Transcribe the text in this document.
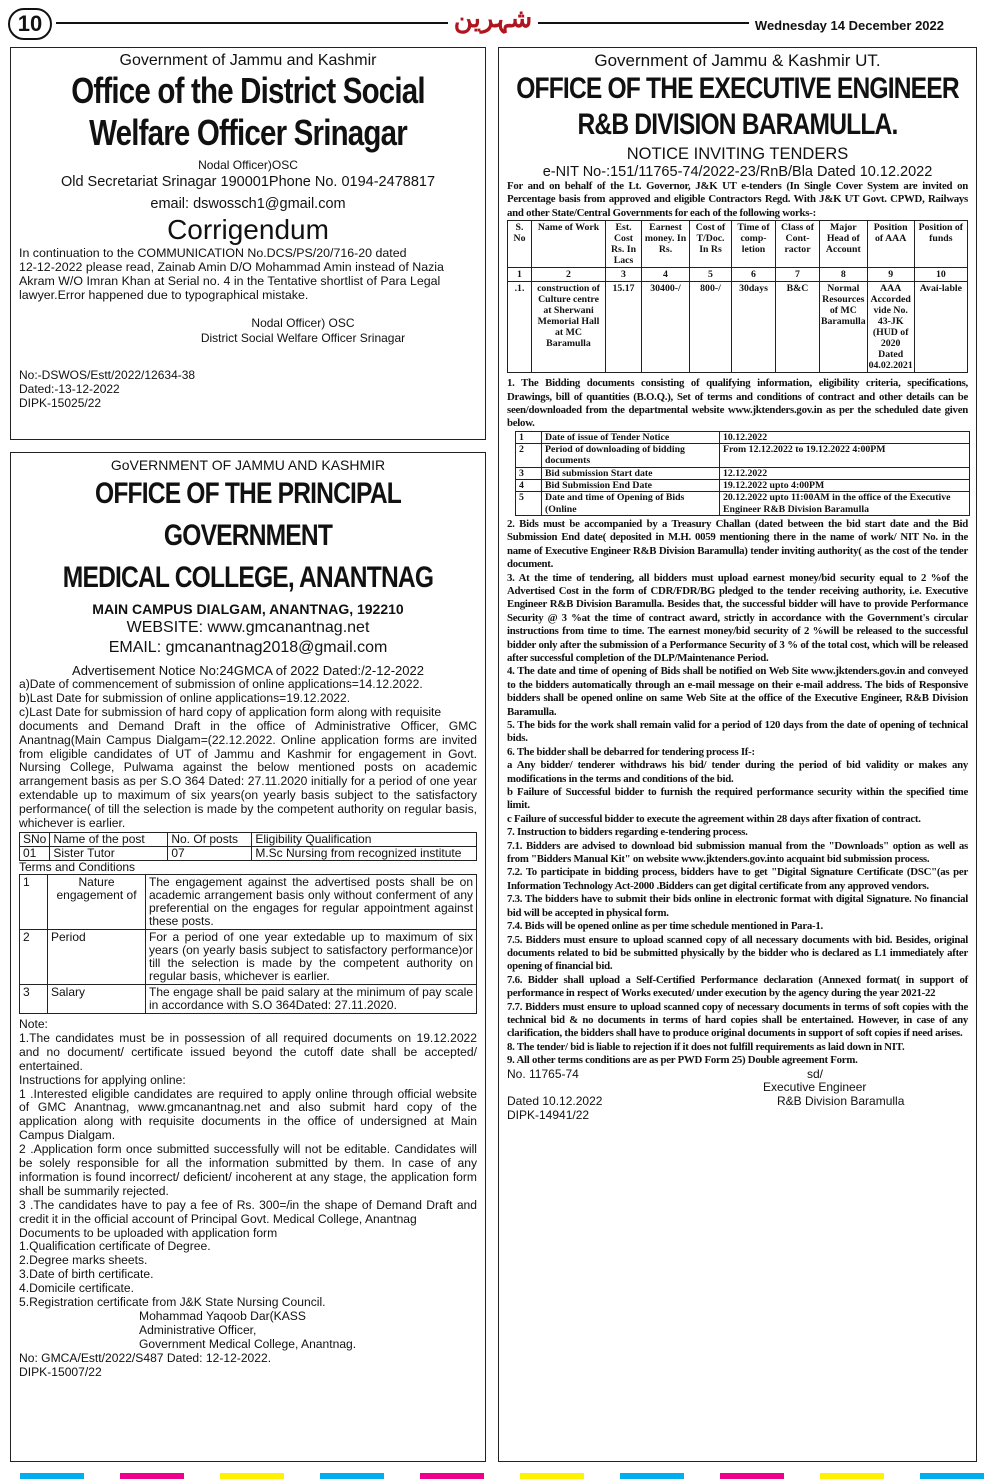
10	شہرین	Wednesday 14 December 2022
Government of Jammu and Kashmir
Office of the District Social
Welfare Officer Srinagar
Nodal Officer)OSC
Old Secretariat Srinagar 190001Phone No. 0194-2478817
email: dswossch1@gmail.com
Corrigendum
In continuation to the COMMUNICATION No.DCS/PS/20/716-20 dated
12-12-2022 please read, Zainab Amin D/O Mohammad Amin instead of Nazia
Akram W/O Imran Khan at Serial no. 4 in the Tentative shortlist of Para Legal
lawyer.Error happened due to typographical mistake.
Nodal Officer) OSC
District Social Welfare Officer Srinagar
No:-DSWOS/Estt/2022/12634-38
Dated:-13-12-2022
DIPK-15025/22
GoVERNMENT OF JAMMU AND KASHMIR
OFFICE OF THE PRINCIPAL GOVERNMENT
MEDICAL COLLEGE, ANANTNAG
MAIN CAMPUS DIALGAM, ANANTNAG, 192210
WEBSITE: www.gmcanantnag.net
EMAIL: gmcanantnag2018@gmail.com
Advertisement Notice No:24GMCA of 2022 Dated:/2-12-2022
a)Date of commencement of submission of online applications=14.12.2022.
b)Last Date for submission of online applications=19.12.2022.
c)Last Date for submission of hard copy of application form along with requisite
documents and Demand Draft in the office of Administrative Officer, GMC Anantnag(Main Campus Dialgam=(22.12.2022. Online application forms are invited from eligible candidates of UT of Jammu and Kashmir for engagement in Govt. Nursing College, Pulwama against the below mentioned posts on academic arrangement basis as per S.O 364 Dated: 27.11.2020 initially for a period of one year extendable up to maximum of six years(on yearly basis subject to the satisfactory performance( of till the selection is made by the competent authority on regular basis, whichever is earlier.
SNo	Name of the post	No. Of posts	Eligibility Qualification
01	Sister Tutor	07	M.Sc Nursing from recognized institute
Terms and Conditions
1	Nature engagement of	The engagement against the advertised posts shall be on academic arrangement basis only without conferment of any preferential on the engages for regular appointment against these posts.
2	Period	For a period of one year extedable up to maximum of six years (on yearly basis subject to satisfactory performance)or till the selection is made by the competent authority on regular basis, whichever is earlier.
3	Salary	The engage shall be paid salary at the minimum of pay scale in accordance with S.O 364Dated: 27.11.2020.
Note:
1.The candidates must be in possession of all required documents on 19.12.2022 and no document/ certificate issued beyond the cutoff date shall be accepted/ entertained.
Instructions for applying online:
1 .Interested eligible candidates are required to apply online through official website of GMC Anantnag, www.gmcanantnag.net and also submit hard copy of the application along with requisite documents in the office of undersigned at Main Campus Dialgam.
2 .Application form once submitted successfully will not be editable. Candidates will be solely responsible for all the information submitted by them. In case of any information is found incorrect/ deficient/ incoherent at any stage, the application form shall be summarily rejected.
3 .The candidates have to pay a fee of Rs. 300=/in the shape of Demand Draft and credit it in the official account of Principal Govt. Medical College, Anantnag
Documents to be uploaded with application form
1.Qualification certificate of Degree.
2.Degree marks sheets.
3.Date of birth certificate.
4.Domicile certificate.
5.Registration certificate from J&K State Nursing Council.
Mohammad Yaqoob Dar(KASS
Administrative Officer,
Government Medical College, Anantnag.
No: GMCA/Estt/2022/S487 Dated: 12-12-2022.
DIPK-15007/22
Government of Jammu & Kashmir UT.
OFFICE OF THE EXECUTIVE ENGINEER
R&B DIVISION BARAMULLA.
NOTICE INVITING TENDERS
e-NIT No-:151/11765-74/2022-23/RnB/Bla Dated 10.12.2022
For and on behalf of the Lt. Governor, J&K UT e-tenders (In Single Cover System are invited on Percentage basis from approved and eligible Contractors Regd. With J&K UT Govt. CPWD, Railways and other State/Central Governments for each of the following works-:
S. No	Name of Work	Est. Cost Rs. In Lacs	Earnest money. In Rs.	Cost of T/Doc. In Rs	Time of comp-letion	Class of Cont-ractor	Major Head of Account	Position of AAA	Position of funds
1	2	3	4	5	6	7	8	9	10
.1.	construction of Culture centre at Sherwani Memorial Hall at MC Baramulla	15.17	30400-/	800-/	30days	B&C	Normal Resources of MC Baramulla	AAA Accorded vide No. 43-JK (HUD of 2020 Dated 04.02.2021	Avai-lable
1. The Bidding documents consisting of qualifying information, eligibility criteria, specifications, Drawings, bill of quantities (B.O.Q.), Set of terms and conditions of contract and other details can be seen/downloaded from the departmental website www.jktenders.gov.in as per the scheduled date given below.
1	Date of issue of Tender Notice	10.12.2022
2	Period of downloading of bidding documents	From 12.12.2022 to 19.12.2022 4:00PM
3	Bid submission Start date	12.12.2022
4	Bid Submission End Date	19.12.2022 upto 4:00PM
5	Date and time of Opening of Bids (Online	20.12.2022 upto 11:00AM in the office of the Executive Engineer R&B Division Baramulla
2. Bids must be accompanied by a Treasury Challan (dated between the bid start date and the Bid Submission End date( deposited in M.H. 0059 mentioning there in the name of work/ NIT No. in the name of Executive Engineer R&B Division Baramulla) tender inviting authority( as the cost of the tender document.
3. At the time of tendering, all bidders must upload earnest money/bid security equal to 2 %of the Advertised Cost in the form of CDR/FDR/BG pledged to the tender receiving authority, i.e. Executive Engineer R&B Division Baramulla. Besides that, the successful bidder will have to provide Performance Security @ 3 %at the time of contract award, strictly in accordance with the Government's circular instructions from time to time. The earnest money/bid security of 2 %will be released to the successful bidder only after the submission of a Performance Security of 3 % of the total cost, which will be released after successful completion of the DLP/Maintenance Period.
4. The date and time of opening of Bids shall be notified on Web Site www.jktenders.gov.in and conveyed to the bidders automatically through an e-mail message on their e-mail address. The bids of Responsive bidders shall be opened online on same Web Site at the office of the Executive Engineer, R&B Division Baramulla.
5. The bids for the work shall remain valid for a period of 120 days from the date of opening of technical bids.
6. The bidder shall be debarred for tendering process If-:
a Any bidder/ tenderer withdraws his bid/ tender during the period of bid validity or makes any modifications in the terms and conditions of the bid.
b Failure of Successful bidder to furnish the required performance security within the specified time limit.
c Failure of successful bidder to execute the agreement within 28 days after fixation of contract.
7. Instruction to bidders regarding e-tendering process.
7.1. Bidders are advised to download bid submission manual from the "Downloads" option as well as from "Bidders Manual Kit" on website www.jktenders.gov.into acquaint bid submission process.
7.2. To participate in bidding process, bidders have to get "Digital Signature Certificate (DSC"(as per Information Technology Act-2000 .Bidders can get digital certificate from any approved vendors.
7.3. The bidders have to submit their bids online in electronic format with digital Signature. No financial bid will be accepted in physical form.
7.4. Bids will be opened online as per time schedule mentioned in Para-1.
7.5. Bidders must ensure to upload scanned copy of all necessary documents with bid. Besides, original documents related to bid be submitted physically by the bidder who is declared as L1 immediately after opening of financial bid.
7.6. Bidder shall upload a Self-Certified Performance declaration (Annexed format( in support of performance in respect of Works executed/ under execution by the agency during the year 2021-22
7.7. Bidders must ensure to upload scanned copy of necessary documents in terms of soft copies with the technical bid & no documents in terms of hard copies shall be entertained. However, in case of any clarification, the bidders shall have to produce original documents in support of soft copies if need arises.
8. The tender/ bid is liable to rejection if it does not fulfill requirements as laid down in NIT.
9. All other terms conditions are as per PWD Form 25) Double agreement Form.
No. 11765-74	sd/
Executive Engineer
Dated 10.12.2022	R&B Division Baramulla
DIPK-14941/22
